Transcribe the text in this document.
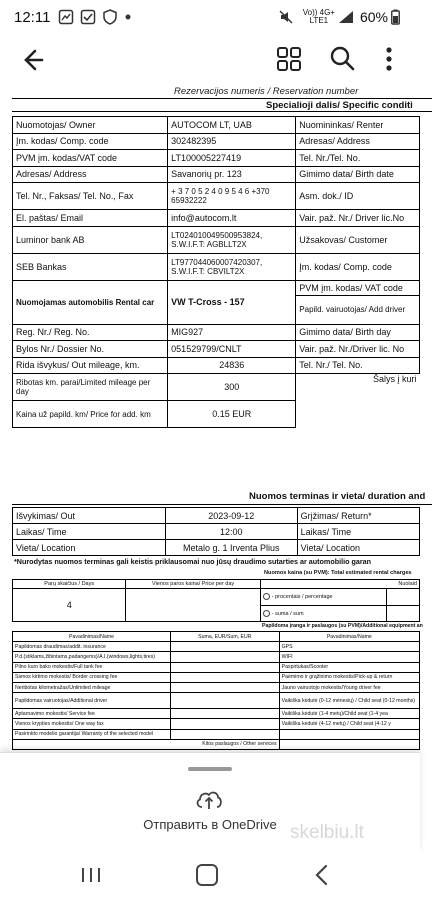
12:11	Vo)) 4G+
LTE1	60%
Rezervacijos numeris / Reservation number
Specialioji dalis/ Specific conditi
Nuomotojas/ Owner	AUTOCOM LT, UAB	Nuomininkas/ Renter
Įm. kodas/ Comp. code	302482395	Adresas/ Address
PVM įm. kodas/VAT code	LT100005227419	Tel. Nr./Tel. No.
Adresas/ Address	Savanorių pr. 123	Gimimo data/ Birth date
Tel. Nr., Faksas/ Tel. No., Fax	+ 3 7 0 5 2 4 0 9 5 4 6 +370 65932222	Asm. dok./ ID
El. paštas/ Email	info@autocom.lt	Vair. paž. Nr./ Driver lic.No
Luminor bank AB	LT024010049500953824, S.W.I.F.T: AGBLLT2X	Užsakovas/ Customer
SEB Bankas	LT977044060007420307, S.W.I.F.T: CBVILT2X	Įm. kodas/ Comp. code
Nuomojamas automobilis Rental car	VW T-Cross - 157	PVM įm. kodas/ VAT code
		Papild. vairuotojas/ Add driver
Reg. Nr./ Reg. No.	MIG927	Gimimo data/ Birth day
Bylos Nr./ Dossier No.	051529799/CNLT	Vair. paž. Nr./Driver lic. No
Rida išvykus/ Out mileage, km.	24836	Tel. Nr./ Tel. No.
Ribotas km. parai/Limited mileage per day	300	Šalys į kuri
Kaina už papild. km/ Price for add. km	0.15 EUR	
Nuomos terminas ir vieta/ duration and
Išvykimas/ Out	2023-09-12	Grįžimas/ Return*
Laikas/ Time	12:00	Laikas/ Time
Vieta/ Location	Metalo g. 1 Irventa Plius	Vieta/ Location
*Nurodytas nuomos terminas gali keistis priklausomai nuo jūsų draudimo sutarties ar automobilio garan
Nuomos kaina (su PVM): Total estimated rental charges
Parų skaičius / Days	Vienos paros kaina/ Price per day		Nuolaid
4		- procentais / percentage	
		- suma / sum	
Papildoma įranga ir paslaugos (su PVM)/Additional equipment an
Pavadinimas/Name	Suma, EUR/Sum, EUR	Pavadinimas/Name
Papildomas draudimas/addit. insurance		GPS
P.d.(stiklams,žibintams,padangems)/A.I.(windows,lights,tires)		WIFI
Pilno kuro bako mokestis/Full tank fee		Paspirtukas/Scooter
Sienos kirtimo mokestis/ Border crossing fee		Paėmimo ir grąžinimo mokestis/Pick-up & return
Neribotas kilometražas/Unlimited mileage		Jauno vairuotojo mokestis/Young driver fee
Papildomas vairuotojas/Additional driver		Vaikiška kėdutė (0-12 mėnesių) / Child seat (0-12 months)
Aptarnavimo mokestis/ Service fee		Vaikiška kėdutė (1-4 metų)/Child seat (1-4 yea
Vienos krypties mokestis/ One way fax		Vaikiška kėdutė (4-12 metų) / Child seat (4-12 y
Pasirinkto modelio garantija/ Warranty of the selected model		
Kitos paslaugos / Other services		

Отправить в OneDrive skelbiu.lt
